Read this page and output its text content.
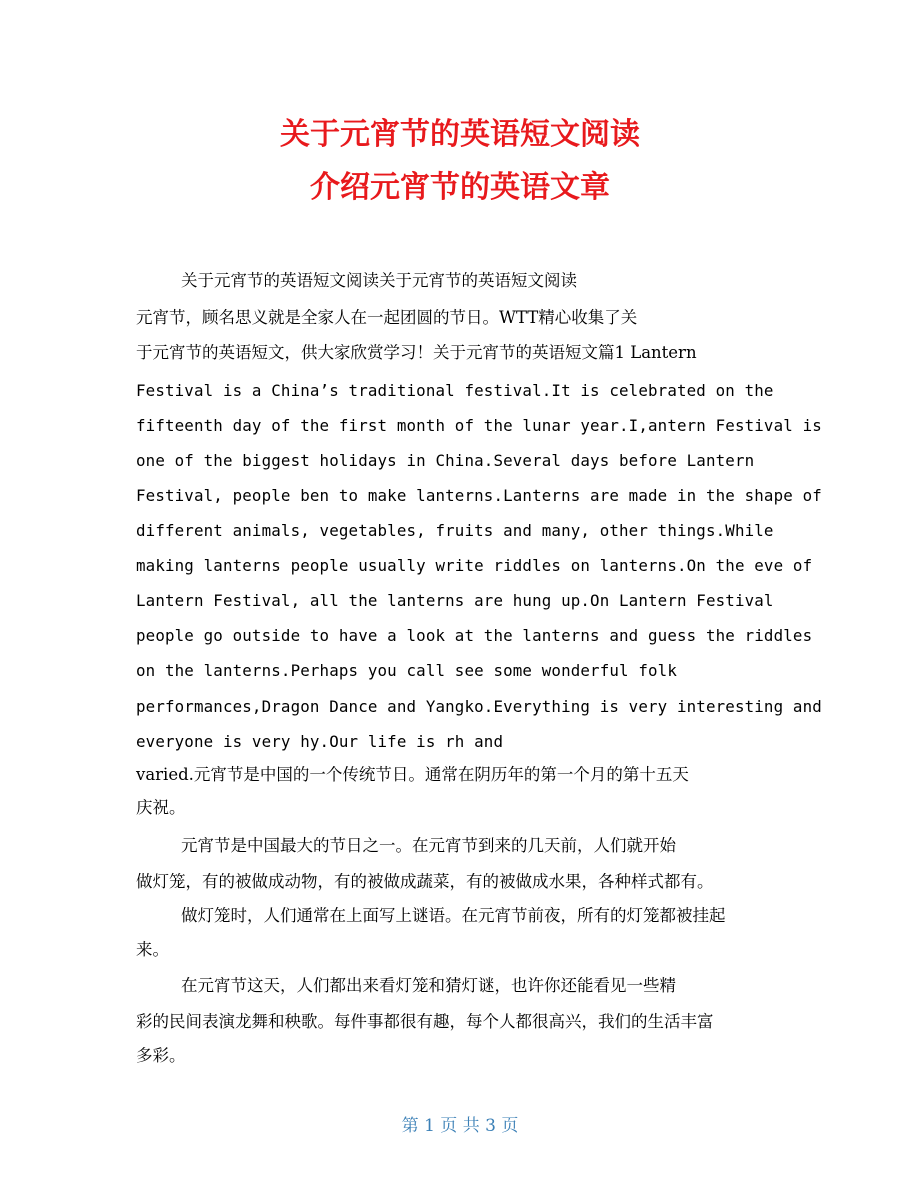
关于元宵节的英语短文阅读
介绍元宵节的英语文章
关于元宵节的英语短文阅读关于元宵节的英语短文阅读
元宵节，顾名思义就是全家人在一起团圆的节日。WTT精心收集了关
于元宵节的英语短文，供大家欣赏学习！关于元宵节的英语短文篇1 Lantern
Festival is a China’s traditional festival.It is celebrated on the
fifteenth day of the first month of the lunar year.I,antern Festival is
one of the biggest holidays in China.Several days before Lantern
Festival, people ben to make lanterns.Lanterns are made in the shape of
different animals, vegetables, fruits and many, other things.While
making lanterns people usually write riddles on lanterns.On the eve of
Lantern Festival, all the lanterns are hung up.On Lantern Festival
people go outside to have a look at the lanterns and guess the riddles
on the lanterns.Perhaps you call see some wonderful folk
performances,Dragon Dance and Yangko.Everything is very interesting and
everyone is very hy.Our life is rh and
varied.元宵节是中国的一个传统节日。通常在阴历年的第一个月的第十五天
庆祝。
元宵节是中国最大的节日之一。在元宵节到来的几天前，人们就开始
做灯笼，有的被做成动物，有的被做成蔬菜，有的被做成水果，各种样式都有。
做灯笼时，人们通常在上面写上谜语。在元宵节前夜，所有的灯笼都被挂起
来。
在元宵节这天，人们都出来看灯笼和猜灯谜，也许你还能看见一些精
彩的民间表演龙舞和秧歌。每件事都很有趣，每个人都很高兴，我们的生活丰富
多彩。
第 1 页 共 3 页
